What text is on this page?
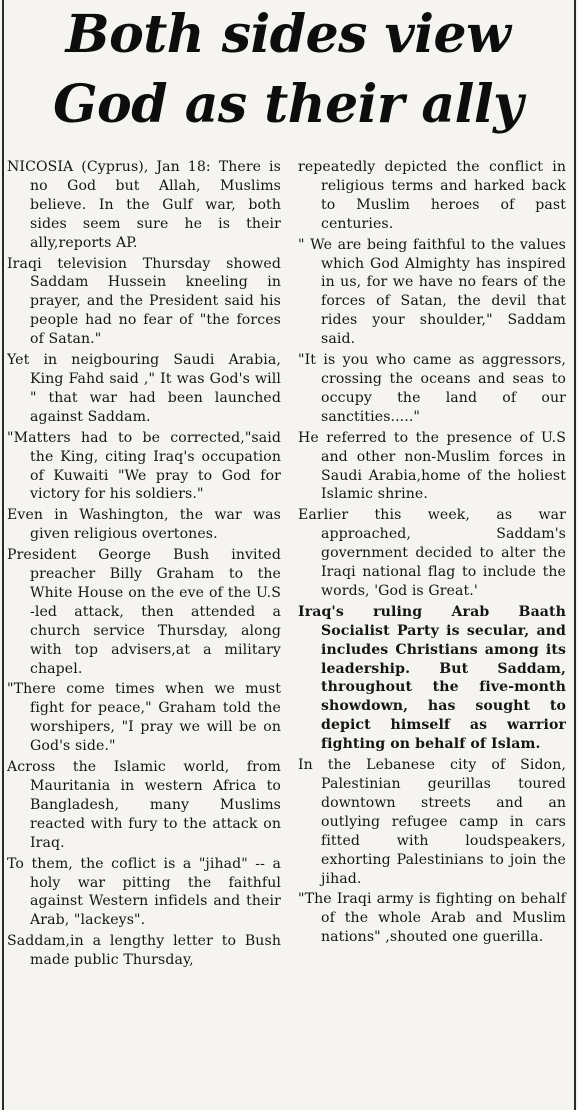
Both sides view
God as their ally

NICOSIA (Cyprus), Jan 18: There is no God but Allah, Muslims believe. In the Gulf war, both sides seem sure he is their ally,reports AP.

Iraqi television Thursday showed Saddam Hussein kneeling in prayer, and the President said his people had no fear of "the forces of Satan."

Yet in neigbouring Saudi Arabia, King Fahd said ," It was God's will " that war had been launched against Saddam.

"Matters had to be corrected,"said the King, citing Iraq's occupation of Kuwaiti "We pray to God for victory for his soldiers."

Even in Washington, the war was given religious overtones.

President George Bush invited preacher Billy Graham to the White House on the eve of the U.S -led attack, then attended a church service Thursday, along with top advisers,at a military chapel.

"There come times when we must fight for peace," Graham told the worshipers, "I pray we will be on God's side."

Across the Islamic world, from Mauritania in western Africa to Bangladesh, many Muslims reacted with fury to the attack on Iraq.

To them, the coflict is a "jihad" -- a holy war pitting the faithful against Western infidels and their Arab, "lackeys".

Saddam,in a lengthy letter to Bush made public Thursday,

repeatedly depicted the conflict in religious terms and harked back to Muslim heroes of past centuries.

" We are being faithful to the values which God Almighty has inspired in us, for we have no fears of the forces of Satan, the devil that rides your shoulder," Saddam said.

"It is you who came as aggressors, crossing the oceans and seas to occupy the land of our sanctities....."

He referred to the presence of U.S and other non-Muslim forces in Saudi Arabia,home of the holiest Islamic shrine.

Earlier this week, as war approached, Saddam's government decided to alter the Iraqi national flag to include the words, 'God is Great.'

Iraq's ruling Arab Baath Socialist Party is secular, and includes Christians among its leadership. But Saddam, throughout the five-month showdown, has sought to depict himself as warrior fighting on behalf of Islam.

In the Lebanese city of Sidon, Palestinian geurillas toured downtown streets and an outlying refugee camp in cars fitted with loudspeakers, exhorting Palestinians to join the jihad.

"The Iraqi army is fighting on behalf of the whole Arab and Muslim nations" ,shouted one guerilla.
